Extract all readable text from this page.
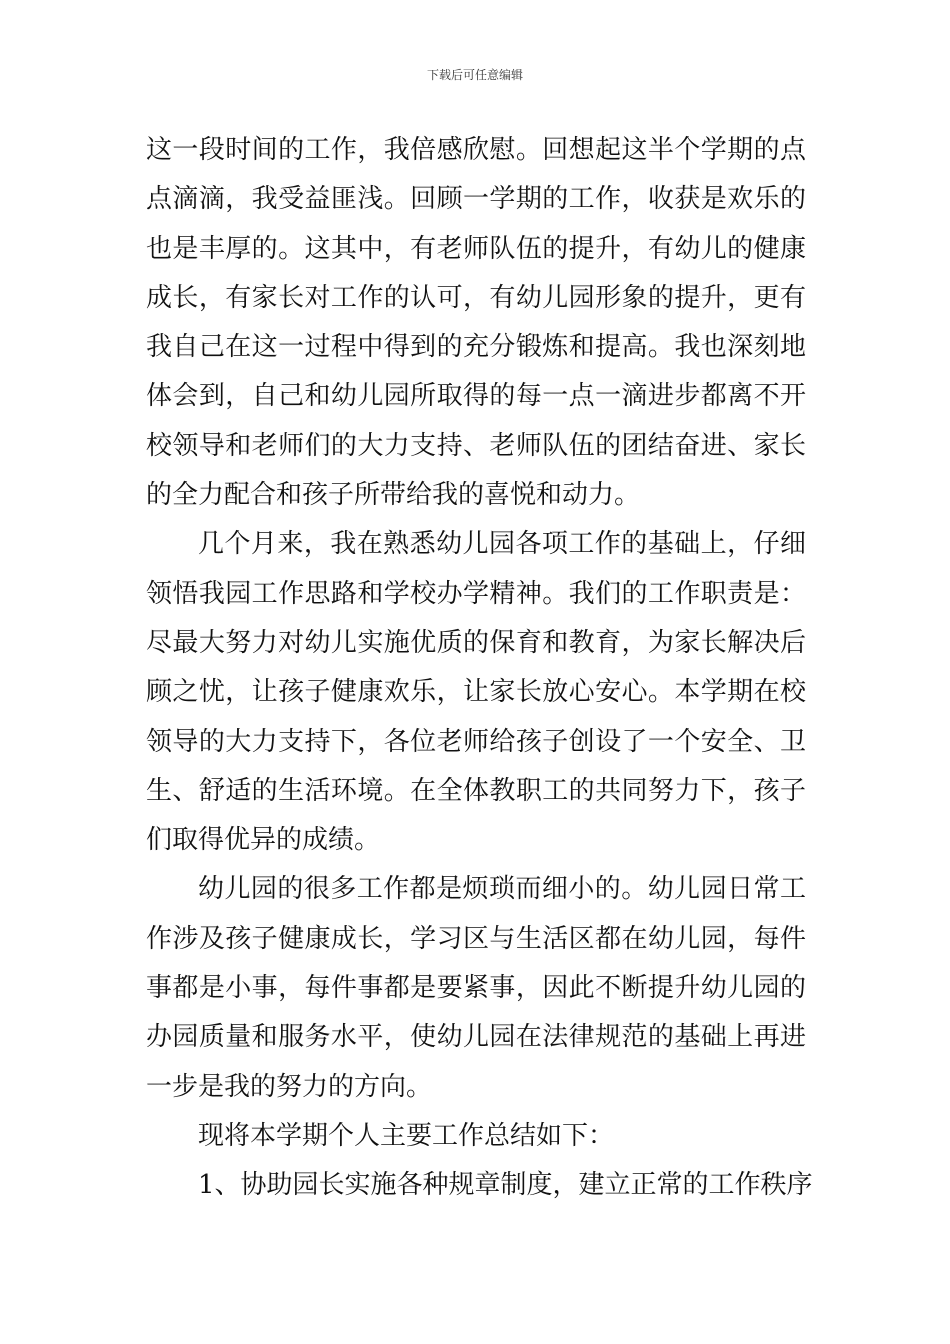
下载后可任意编辑

这一段时间的工作，我倍感欣慰。回想起这半个学期的点点滴滴，我受益匪浅。回顾一学期的工作，收获是欢乐的也是丰厚的。这其中，有老师队伍的提升，有幼儿的健康成长，有家长对工作的认可，有幼儿园形象的提升，更有我自己在这一过程中得到的充分锻炼和提高。我也深刻地体会到，自己和幼儿园所取得的每一点一滴进步都离不开校领导和老师们的大力支持、老师队伍的团结奋进、家长的全力配合和孩子所带给我的喜悦和动力。

几个月来，我在熟悉幼儿园各项工作的基础上，仔细领悟我园工作思路和学校办学精神。我们的工作职责是：尽最大努力对幼儿实施优质的保育和教育，为家长解决后顾之忧，让孩子健康欢乐，让家长放心安心。本学期在校领导的大力支持下，各位老师给孩子创设了一个安全、卫生、舒适的生活环境。在全体教职工的共同努力下，孩子们取得优异的成绩。

幼儿园的很多工作都是烦琐而细小的。幼儿园日常工作涉及孩子健康成长，学习区与生活区都在幼儿园，每件事都是小事，每件事都是要紧事，因此不断提升幼儿园的办园质量和服务水平，使幼儿园在法律规范的基础上再进一步是我的努力的方向。

现将本学期个人主要工作总结如下：

1、协助园长实施各种规章制度，建立正常的工作秩序
